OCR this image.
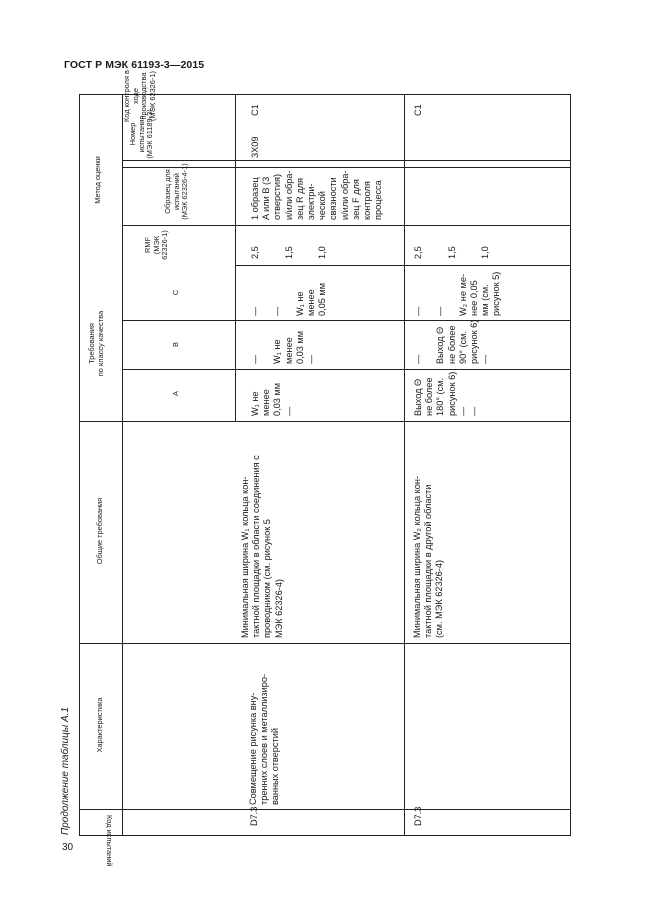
ГОСТ Р МЭК 61193-3—2015
Продолжение таблицы А.1
30	Код испытаний
Характеристика
Общие требования
Требования
по классу качества
A
B
C
Метод оценки
RMF
(МЭК 62326-1)
Образец для
испытаний
(МЭК 62326-4-1)
Номер
испытания
(МЭК 61189-3)
Код контроля в ходе
производства
(МЭК 62326-1)
D7.3
Совмещение рисунка вну-
тренних слоев и металлизиро-
ванных отверстий
Минимальная ширина W₁ кольца кон-
тактной площадки в области соединения с
проводником (см. рисунок 5
МЭК 62326-4)
W₁ не
менее
0,03 мм
—
—

W₁ не
менее
0,03 мм
—
—

—

W₁ не
менее
0,05 мм
2,5

1,5

1,0
1 образец
A или B (3
отверстия)
и/или обра-
зец R для
электри-
ческой
связности
и/или обра-
зец F для
контроля
процесса
3X09
C1
D7.3
Минимальная ширина W₂ кольца кон-
тактной площадки в другой области
(см. МЭК 62326-4)
Выход Θ
не более
180° (см.
рисунок 6)
—
—
—

Выход Θ
не более
90° (см.
рисунок 6)
—
—

—

W₂ не ме-
нее 0,05
мм (см.
рисунок 5)
2,5

1,5

1,0
C1
